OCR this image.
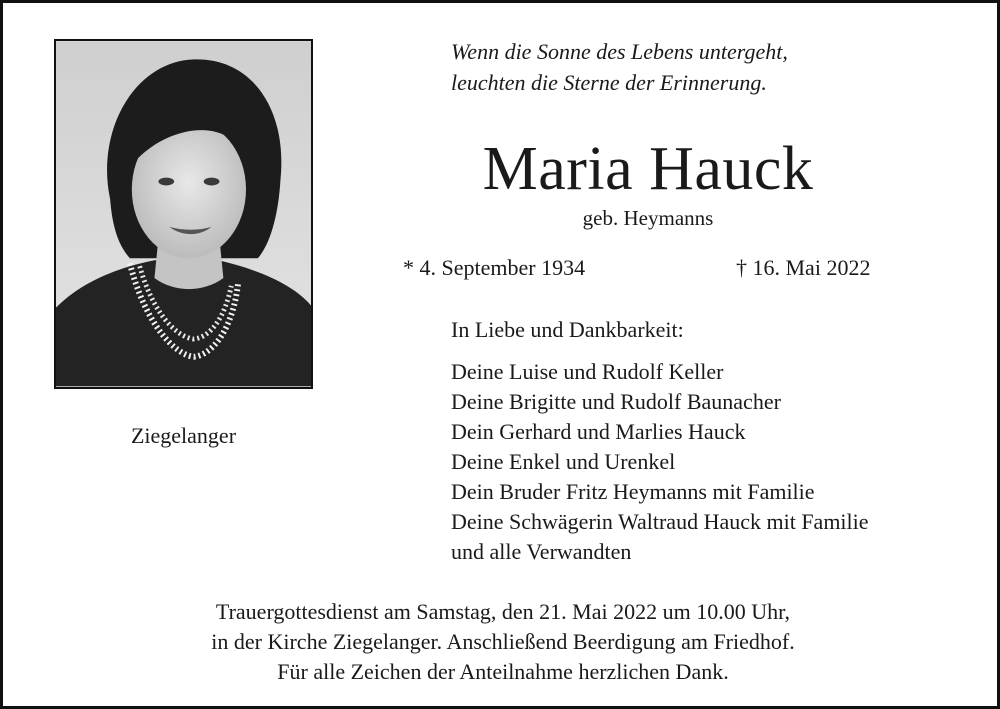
Ziegelanger
Wenn die Sonne des Lebens untergeht,
leuchten die Sterne der Erinnerung.
Maria Hauck
geb. Heymanns
* 4. September 1934	† 16. Mai 2022
In Liebe und Dankbarkeit:
Deine Luise und Rudolf Keller
Deine Brigitte und Rudolf Baunacher
Dein Gerhard und Marlies Hauck
Deine Enkel und Urenkel
Dein Bruder Fritz Heymanns mit Familie
Deine Schwägerin Waltraud Hauck mit Familie
und alle Verwandten
Trauergottesdienst am Samstag, den 21. Mai 2022 um 10.00 Uhr,
in der Kirche Ziegelanger. Anschließend Beerdigung am Friedhof.
Für alle Zeichen der Anteilnahme herzlichen Dank.
